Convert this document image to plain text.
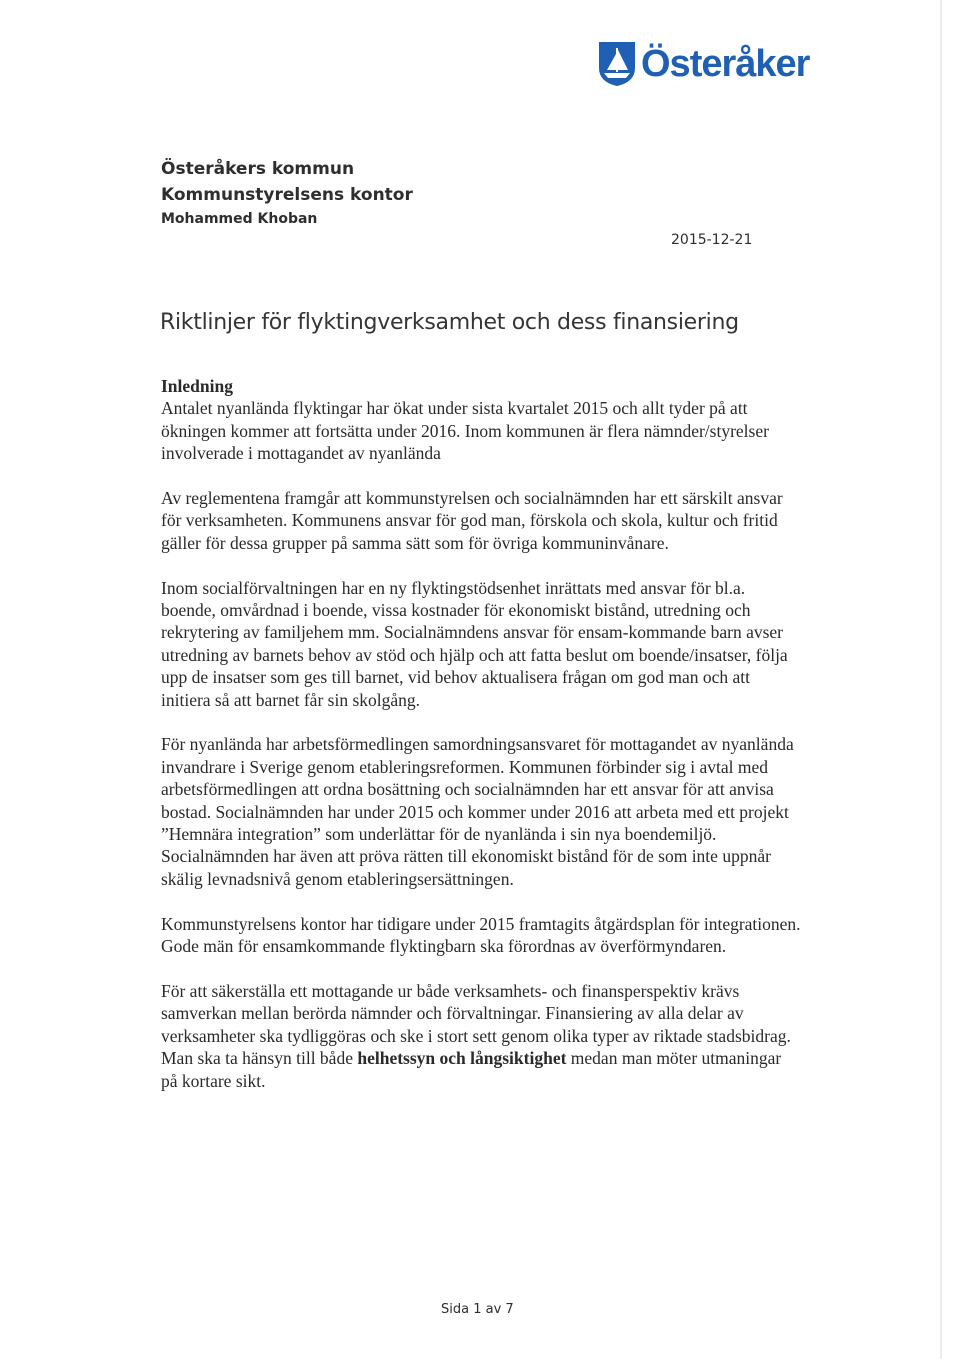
Österåker
Österåkers kommun
Kommunstyrelsens kontor
Mohammed Khoban
2015-12-21
Riktlinjer för flyktingverksamhet och dess finansiering
Inledning

Antalet nyanlända flyktingar har ökat under sista kvartalet 2015 och allt tyder på att ökningen kommer att fortsätta under 2016. Inom kommunen är flera nämnder/styrelser involverade i mottagandet av nyanlända

Av reglementena framgår att kommunstyrelsen och socialnämnden har ett särskilt ansvar för verksamheten. Kommunens ansvar för god man, förskola och skola, kultur och fritid gäller för dessa grupper på samma sätt som för övriga kommuninvånare.

Inom socialförvaltningen har en ny flyktingstödsenhet inrättats med ansvar för bl.a. boende, omvårdnad i boende, vissa kostnader för ekonomiskt bistånd, utredning och rekrytering av familjehem mm. Socialnämndens ansvar för ensam-kommande barn avser utredning av barnets behov av stöd och hjälp och att fatta beslut om boende/insatser, följa upp de insatser som ges till barnet, vid behov aktualisera frågan om god man och att initiera så att barnet får sin skolgång.

För nyanlända har arbetsförmedlingen samordningsansvaret för mottagandet av nyanlända invandrare i Sverige genom etableringsreformen. Kommunen förbinder sig i avtal med arbetsförmedlingen att ordna bosättning och socialnämnden har ett ansvar för att anvisa bostad. Socialnämnden har under 2015 och kommer under 2016 att arbeta med ett projekt ”Hemnära integration” som underlättar för de nyanlända i sin nya boendemiljö. Socialnämnden har även att pröva rätten till ekonomiskt bistånd för de som inte uppnår skälig levnadsnivå genom etableringsersättningen.

Kommunstyrelsens kontor har tidigare under 2015 framtagits åtgärdsplan för integrationen. Gode män för ensamkommande flyktingbarn ska förordnas av överförmyndaren.

För att säkerställa ett mottagande ur både verksamhets- och finansperspektiv krävs samverkan mellan berörda nämnder och förvaltningar. Finansiering av alla delar av verksamheter ska tydliggöras och ske i stort sett genom olika typer av riktade stadsbidrag. Man ska ta hänsyn till både helhetssyn och långsiktighet medan man möter utmaningar på kortare sikt.

Sida 1 av 7
